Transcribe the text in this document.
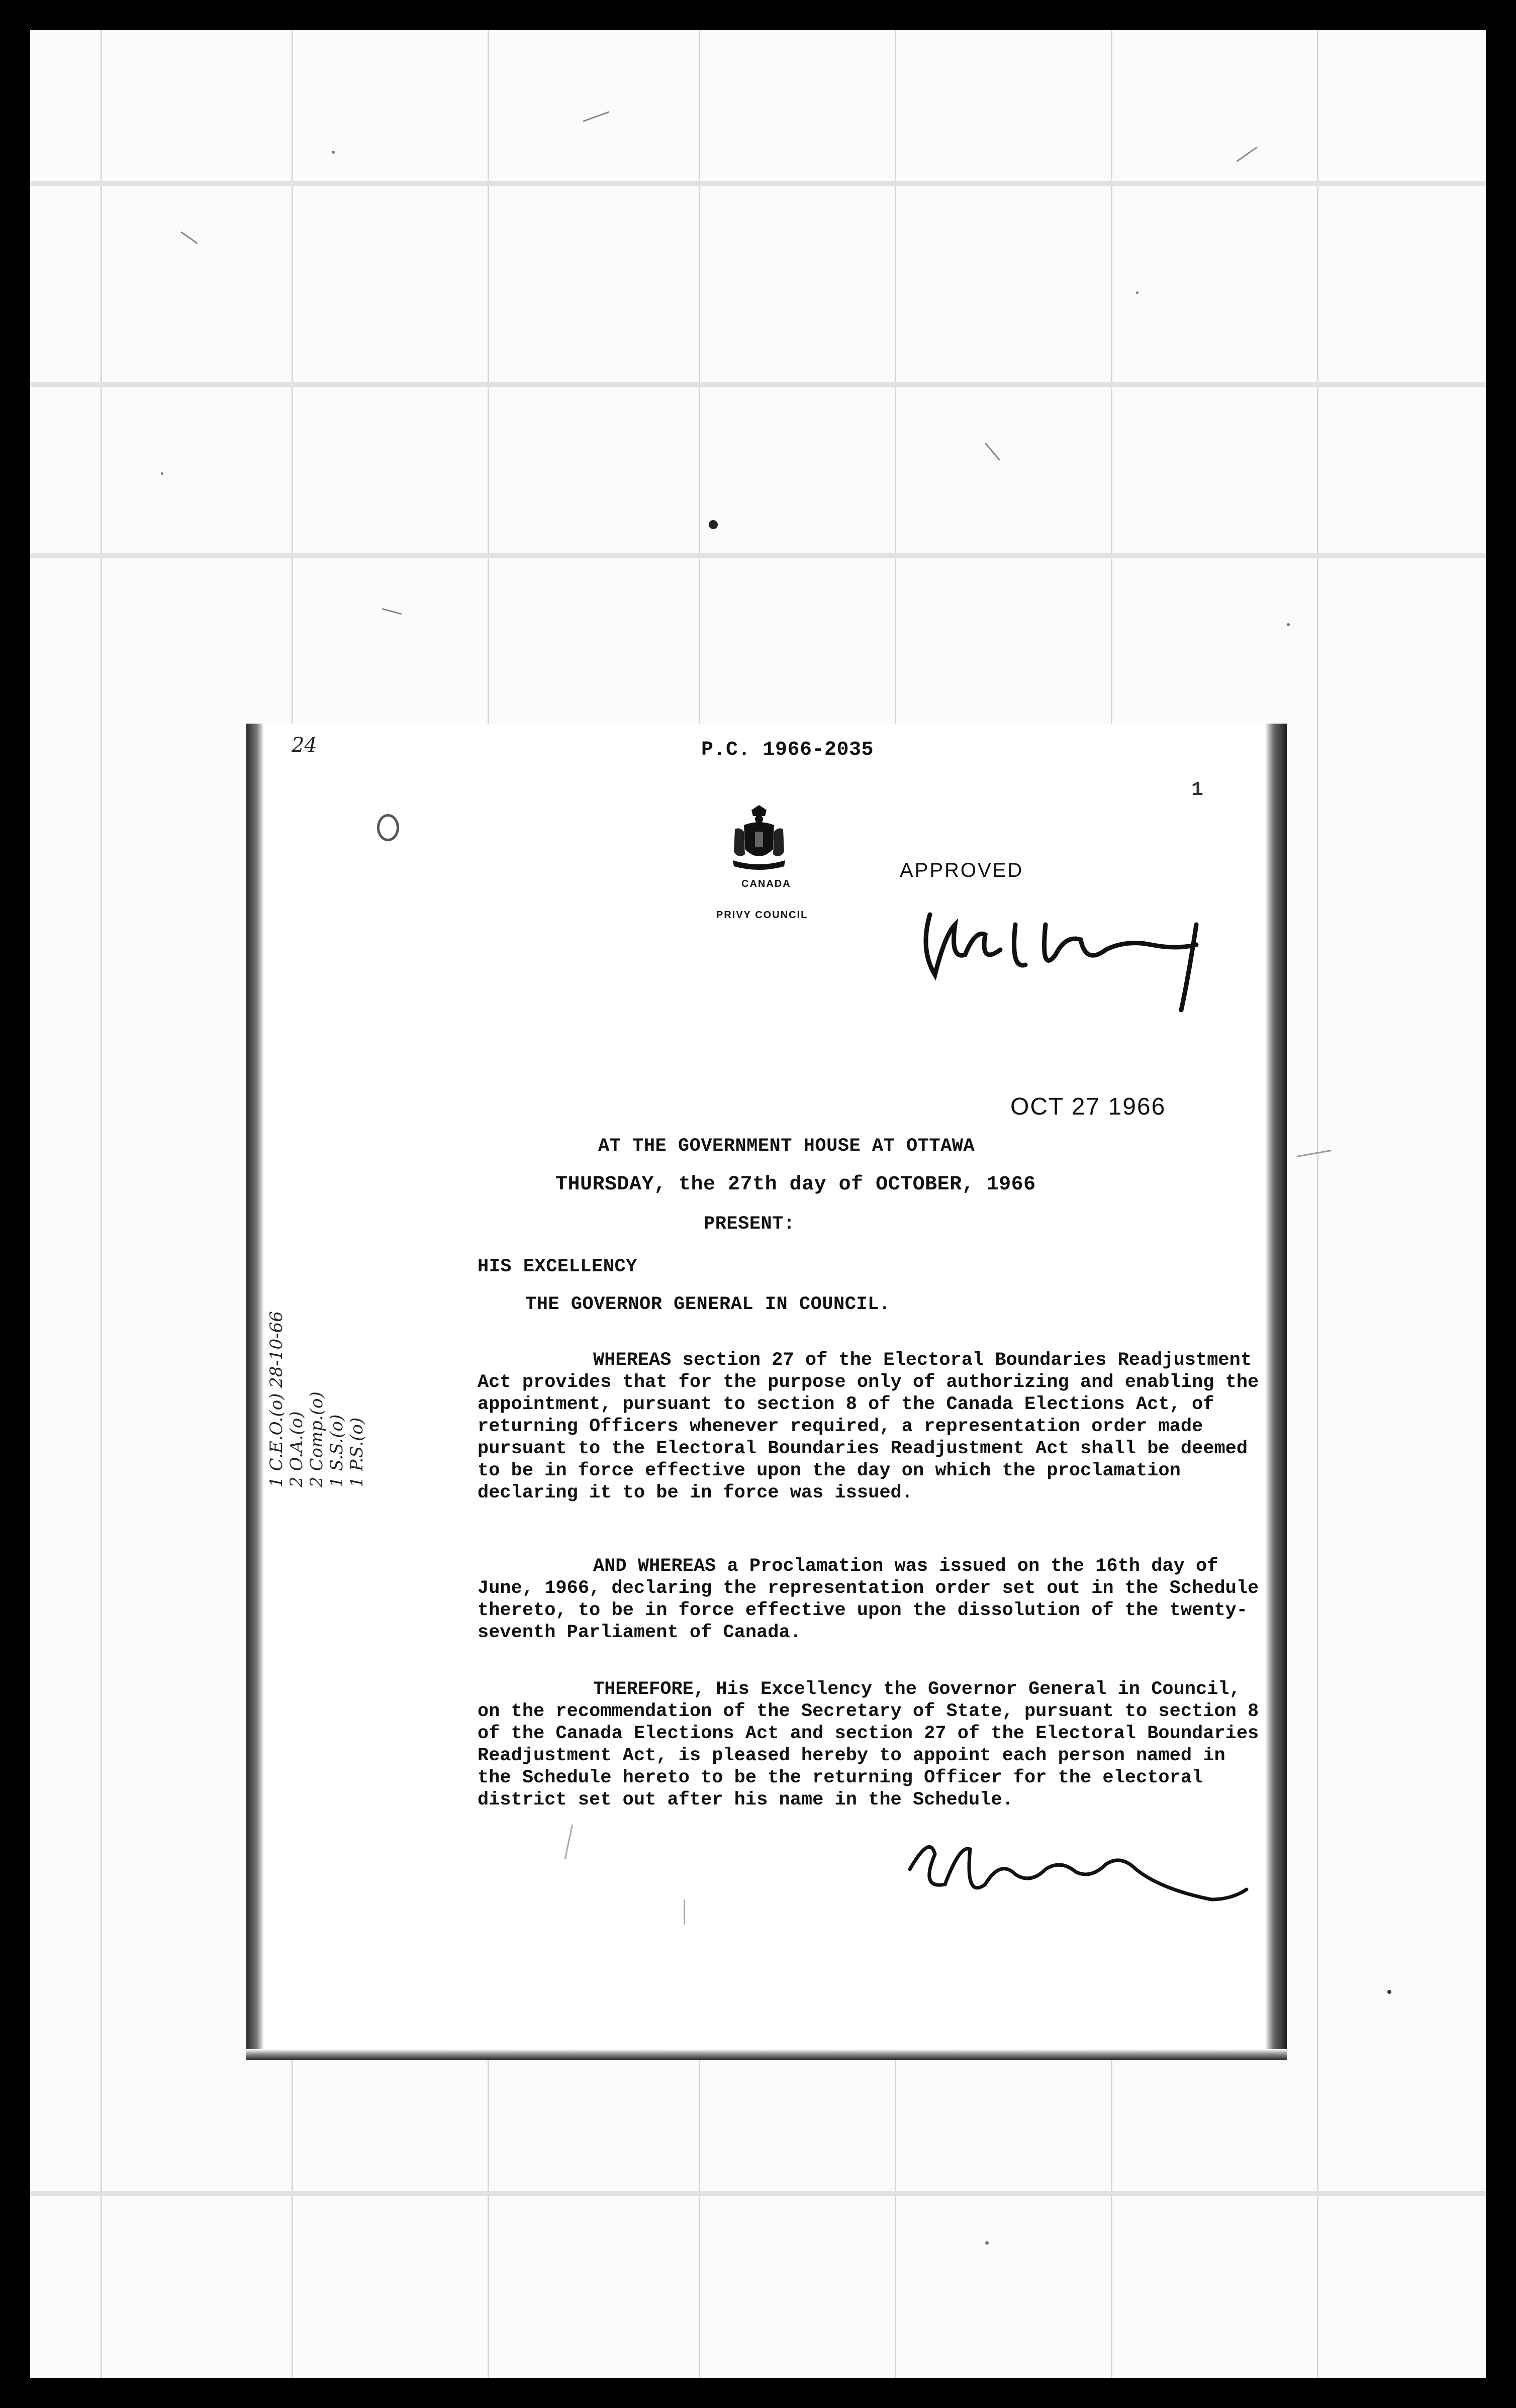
24	P.C. 1966-2035
1
CANADA
PRIVY COUNCIL
APPROVED
Georges P. Vanier
OCT 27 1966
AT THE GOVERNMENT HOUSE AT OTTAWA
THURSDAY, the 27th day of OCTOBER, 1966
PRESENT:
HIS EXCELLENCY
THE GOVERNOR GENERAL IN COUNCIL.
1 C.E.O.(o) 28-10-66 2 O.A.(o) 2 Comp.(o) 1 S.S.(o) 1 P.S.(o)
WHEREAS section 27 of the Electoral Boundaries Readjustment Act provides that for the purpose only of authorizing and enabling the appointment, pursuant to section 8 of the Canada Elections Act, of returning Officers whenever required, a representation order made pursuant to the Electoral Boundaries Readjustment Act shall be deemed to be in force effective upon the day on which the proclamation declaring it to be in force was issued.
AND WHEREAS a Proclamation was issued on the 16th day of June, 1966, declaring the representation order set out in the Schedule thereto, to be in force effective upon the dissolution of the twenty-seventh Parliament of Canada.
THEREFORE, His Excellency the Governor General in Council, on the recommendation of the Secretary of State, pursuant to section 8 of the Canada Elections Act and section 27 of the Electoral Boundaries Readjustment Act, is pleased hereby to appoint each person named in the Schedule hereto to be the returning Officer for the electoral district set out after his name in the Schedule.
R.G. Robertson
